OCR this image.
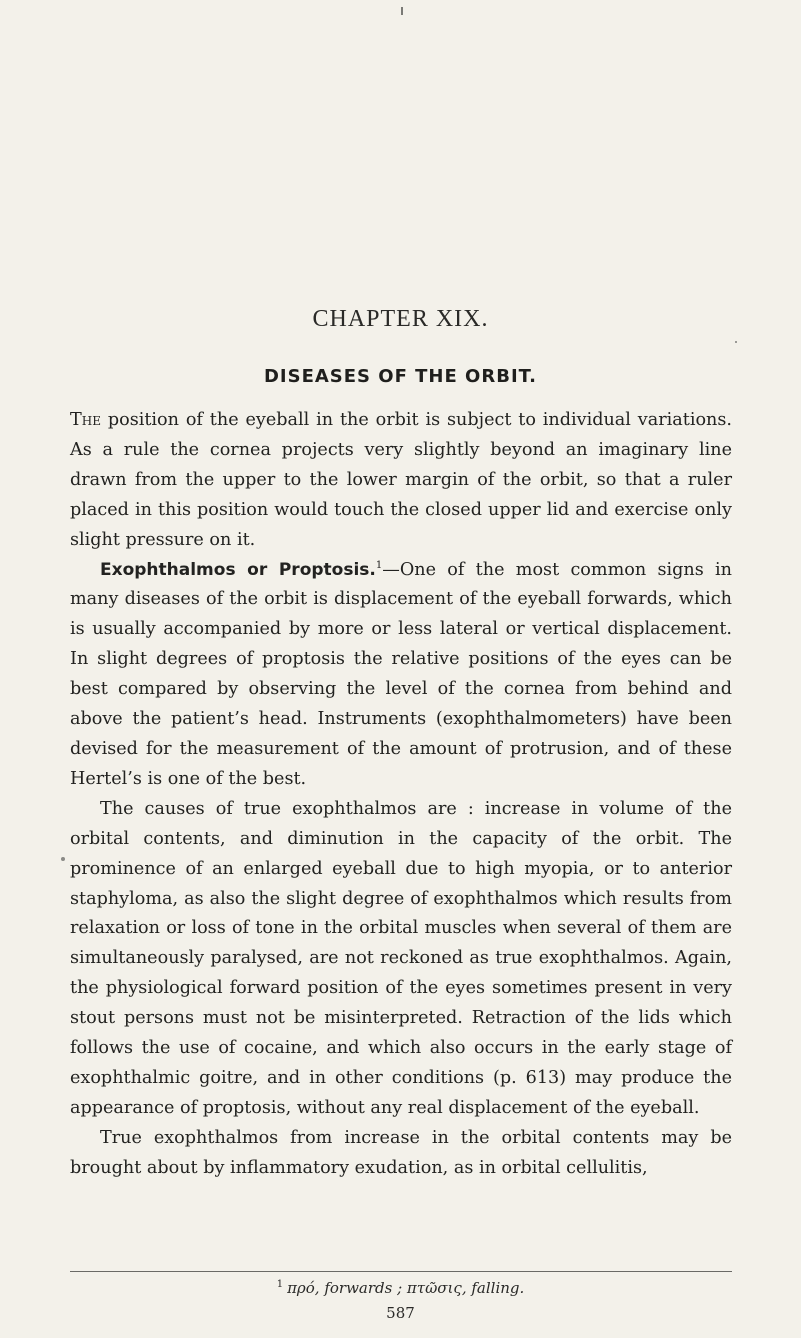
CHAPTER XIX.
DISEASES OF THE ORBIT.

The position of the eyeball in the orbit is subject to individual variations. As a rule the cornea projects very slightly beyond an imaginary line drawn from the upper to the lower margin of the orbit, so that a ruler placed in this position would touch the closed upper lid and exercise only slight pressure on it.

Exophthalmos or Proptosis.$^1$—One of the most common signs in many diseases of the orbit is displacement of the eyeball forwards, which is usually accompanied by more or less lateral or vertical displacement. In slight degrees of proptosis the relative positions of the eyes can be best compared by observing the level of the cornea from behind and above the patient’s head. Instruments (exophthalmometers) have been devised for the measurement of the amount of protrusion, and of these Hertel’s is one of the best.

The causes of true exophthalmos are : increase in volume of the orbital contents, and diminution in the capacity of the orbit. The prominence of an enlarged eyeball due to high myopia, or to anterior staphyloma, as also the slight degree of exophthalmos which results from relaxation or loss of tone in the orbital muscles when several of them are simultaneously paralysed, are not reckoned as true exophthalmos. Again, the physiological forward position of the eyes sometimes present in very stout persons must not be misinterpreted. Retraction of the lids which follows the use of cocaine, and which also occurs in the early stage of exophthalmic goitre, and in other conditions (p. 613) may produce the appearance of proptosis, without any real displacement of the eyeball.

True exophthalmos from increase in the orbital contents may be brought about by inflammatory exudation, as in orbital cellulitis,

$^1$ πρό, forwards ; πτῶσις, falling.
587
